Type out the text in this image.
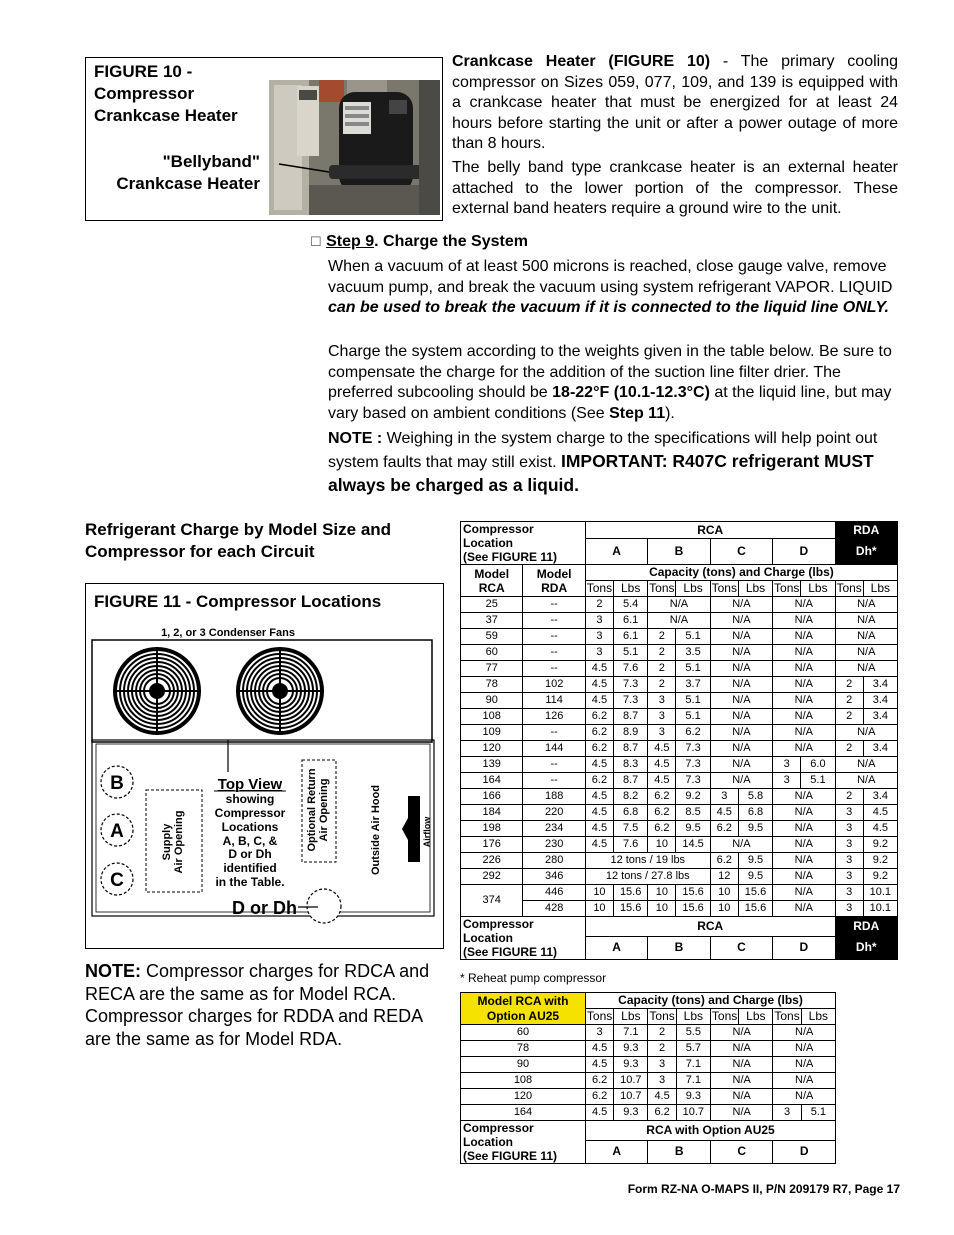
FIGURE 10 - Compressor Crankcase Heater
"Bellyband" Crankcase Heater

Crankcase Heater (FIGURE 10) - The primary cooling compressor on Sizes 059, 077, 109, and 139 is equipped with a crankcase heater that must be energized for at least 24 hours before starting the unit or after a power outage of more than 8 hours.

The belly band type crankcase heater is an external heater attached to the lower portion of the compressor. These external band heaters require a ground wire to the unit.

☐ Step 9. Charge the System

When a vacuum of at least 500 microns is reached, close gauge valve, remove vacuum pump, and break the vacuum using system refrigerant VAPOR. LIQUID can be used to break the vacuum if it is connected to the liquid line ONLY.

Charge the system according to the weights given in the table below. Be sure to compensate the charge for the addition of the suction line filter drier. The preferred subcooling should be 18-22°F (10.1-12.3°C) at the liquid line, but may vary based on ambient conditions (See Step 11).

NOTE : Weighing in the system charge to the specifications will help point out system faults that may still exist. IMPORTANT: R407C refrigerant MUST always be charged as a liquid.

Refrigerant Charge by Model Size and Compressor for each Circuit
FIGURE 11 - Compressor Locations
1, 2, or 3 Condenser Fans
B
A
C
Supply Air Opening
Top View
showing
Compressor
Locations
A, B, C, &
D or Dh
identified
in the Table.
Optional Return Air Opening
D or Dh
Outside Air Hood	Airflow

NOTE: Compressor charges for RDCA and RECA are the same as for Model RCA. Compressor charges for RDDA and REDA are the same as for Model RDA.

Compressor
Location
(See FIGURE 11)		RCA								RDA	
		A		B		C		D		Dh*	
Model
RCA	Model
RDA	Capacity (tons) and Charge (lbs)									
		Tons	Lbs	Tons	Lbs	Tons	Lbs	Tons	Lbs	Tons	Lbs
25	--	2	5.4	N/A		N/A		N/A		N/A	
37	--	3	6.1	N/A		N/A		N/A		N/A	
59	--	3	6.1	2	5.1	N/A		N/A		N/A	
60	--	3	5.1	2	3.5	N/A		N/A		N/A	
77	--	4.5	7.6	2	5.1	N/A		N/A		N/A	
78	102	4.5	7.3	2	3.7	N/A		N/A		2	3.4
90	114	4.5	7.3	3	5.1	N/A		N/A		2	3.4
108	126	6.2	8.7	3	5.1	N/A		N/A		2	3.4
109	--	6.2	8.9	3	6.2	N/A		N/A		N/A	
120	144	6.2	8.7	4.5	7.3	N/A		N/A		2	3.4
139	--	4.5	8.3	4.5	7.3	N/A		3	6.0	N/A	
164	--	6.2	8.7	4.5	7.3	N/A		3	5.1	N/A	
166	188	4.5	8.2	6.2	9.2	3	5.8	N/A		2	3.4
184	220	4.5	6.8	6.2	8.5	4.5	6.8	N/A		3	4.5
198	234	4.5	7.5	6.2	9.5	6.2	9.5	N/A		3	4.5
176	230	4.5	7.6	10	14.5	N/A		N/A		3	9.2
226	280	12 tons / 19 lbs				6.2	9.5	N/A		3	9.2
292	346	12 tons / 27.8 lbs				12	9.5	N/A		3	9.2
374	446	10	15.6	10	15.6	10	15.6	N/A		3	10.1
	428	10	15.6	10	15.6	10	15.6	N/A		3	10.1
Compressor
Location
(See FIGURE 11)		RCA								RDA	
		A		B		C		D		Dh*	
* Reheat pump compressor
Model RCA with
Option AU25	Capacity (tons) and Charge (lbs)							
	Tons	Lbs	Tons	Lbs	Tons	Lbs	Tons	Lbs
60	3	7.1	2	5.5	N/A		N/A	
78	4.5	9.3	2	5.7	N/A		N/A	
90	4.5	9.3	3	7.1	N/A		N/A	
108	6.2	10.7	3	7.1	N/A		N/A	
120	6.2	10.7	4.5	9.3	N/A		N/A	
164	4.5	9.3	6.2	10.7	N/A		3	5.1
Compressor
Location
(See FIGURE 11)	RCA with Option AU25							
	A		B		C		D	
Form RZ-NA O-MAPS II, P/N 209179 R7, Page 17
